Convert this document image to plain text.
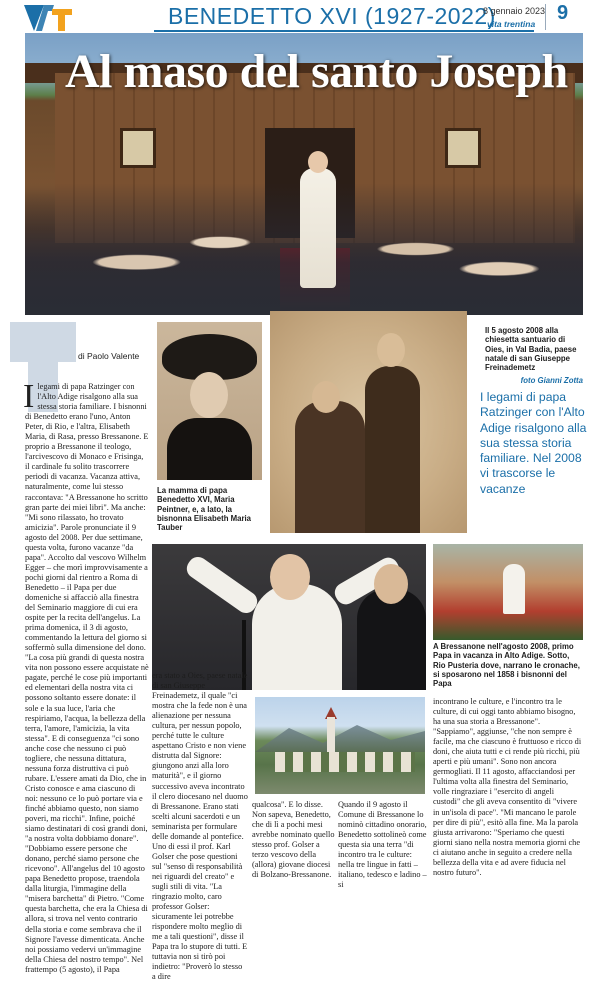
BENEDETTO XVI (1927-2022)
8 gennaio 2023
vita trentina 9
Al maso del santo Joseph
di Paolo Valente
I legami di papa Ratzinger con l'Alto Adige risalgono alla sua stessa storia familiare. I bisnonni di Benedetto erano l'uno, Anton Peter, di Rio, e l'altra, Elisabeth Maria, di Rasa, presso Bressanone. E proprio a Bressanone il teologo, l'arcivescovo di Monaco e Frisinga, il cardinale fu solito trascorrere periodi di vacanza. Vacanza attiva, naturalmente, come lui stesso raccontava: "A Bressanone ho scritto gran parte dei miei libri". Ma anche: "Mi sono rilassato, ho trovato amicizia". Parole pronunciate il 9 agosto del 2008. Per due settimane, questa volta, furono vacanze "da papa". Accolto dal vescovo Wilhelm Egger – che morì improvvisamente a pochi giorni dal rientro a Roma di Benedetto – il Papa per due domeniche si affacciò alla finestra del Seminario maggiore di cui era ospite per la recita dell'angelus. La prima domenica, il 3 di agosto, commentando la lettura del giorno si soffermò sulla dimensione del dono. "La cosa più grandi di questa nostra vita non possono essere acquistate nè pagate, perché le cose più importanti ed elementari della nostra vita ci possono soltanto essere donate: il sole e la sua luce, l'aria che respiriamo, l'acqua, la bellezza della terra, l'amore, l'amicizia, la vita stessa". E di conseguenza "ci sono anche cose che nessuno ci può togliere, che nessuna dittatura, nessuna forza distruttiva ci può rubare. L'essere amati da Dio, che in Cristo conosce e ama ciascuno di noi: nessuno ce lo può portare via e finché abbiamo questo, non siamo poveri, ma ricchi". Infine, poiché siamo destinatari di così grandi doni, "a nostra volta dobbiamo donare". "Dobbiamo essere persone che donano, perché siamo persone che ricevono". All'angelus del 10 agosto papa Benedetto propose, traendola dalla liturgia, l'immagine della "misera barchetta" di Pietro. "Come questa barchetta, che era la Chiesa di allora, si trova nel vento contrario della storia e come sembrava che il Signore l'avesse dimenticata. Anche noi possiamo vedervi un'immagine della Chiesa del nostro tempo". Nel frattempo (5 agosto), il Papa

La mamma di papa Benedetto XVI, Maria Peintner, e, a lato, la bisnonna Elisabeth Maria Tauber
Il 5 agosto 2008 alla chiesetta santuario di Oies, in Val Badia, paese natale di san Giuseppe Freinademetz
foto Gianni Zotta
I legami di papa Ratzinger con l'Alto Adige risalgono alla sua stessa storia familiare. Nel 2008 vi trascorse le vacanze
A Bressanone nell'agosto 2008, primo Papa in vacanza in Alto Adige. Sotto, Rio Pusteria dove, narrano le cronache, si sposarono nel 1858 i bisnonni del Papa

era stato a Oies, paese natale di san Giuseppe Freinademetz, il quale "ci mostra che la fede non è una alienazione per nessuna cultura, per nessun popolo, perché tutte le culture aspettano Cristo e non viene distrutta dal Signore: giungono anzi alla loro maturità", e il giorno successivo aveva incontrato il clero diocesano nel duomo di Bressanone. Erano stati scelti alcuni sacerdoti e un seminarista per formulare delle domande al pontefice. Uno di essi il prof. Karl Golser che pose questioni sul "senso di responsabilità nei riguardi del creato" e sugli stili di vita. "La ringrazio molto, caro professor Golser: sicuramente lei potrebbe rispondere molto meglio di me a tali questioni", disse il Papa tra lo stupore di tutti. E tuttavia non si tirò poi indietro: "Proverò lo stesso a dire

qualcosa". E lo disse. Non sapeva, Benedetto, che di lì a pochi mesi avrebbe nominato quello stesso prof. Golser a terzo vescovo della (allora) giovane diocesi di Bolzano-Bressanone.

Quando il 9 agosto il Comune di Bressanone lo nominò cittadino onorario, Benedetto sottolineò come questa sia una terra "di incontro tra le culture: nella tre lingue in fatti – italiano, tedesco e ladino – si

incontrano le culture, e l'incontro tra le culture, di cui oggi tanto abbiamo bisogno, ha una sua storia a Bressanone". "Sappiamo", aggiunse, "che non sempre è facile, ma che ciascuno è fruttuoso e ricco di doni, che aiuta tutti e ci rende più ricchi, più aperti e più umani". Sono non ancora germogliati. Il 11 agosto, affacciandosi per l'ultima volta alla finestra del Seminario, volle ringraziare i "esercito di angeli custodi" che gli aveva consentito di "vivere in un'isola di pace". "Mi mancano le parole per dire di più", esitò alla fine. Ma la parola giusta arrivarono: "Speriamo che questi giorni siano nella nostra memoria giorni che ci aiutano anche in seguito a credere nella bellezza della vita e ad avere fiducia nel nostro futuro".
